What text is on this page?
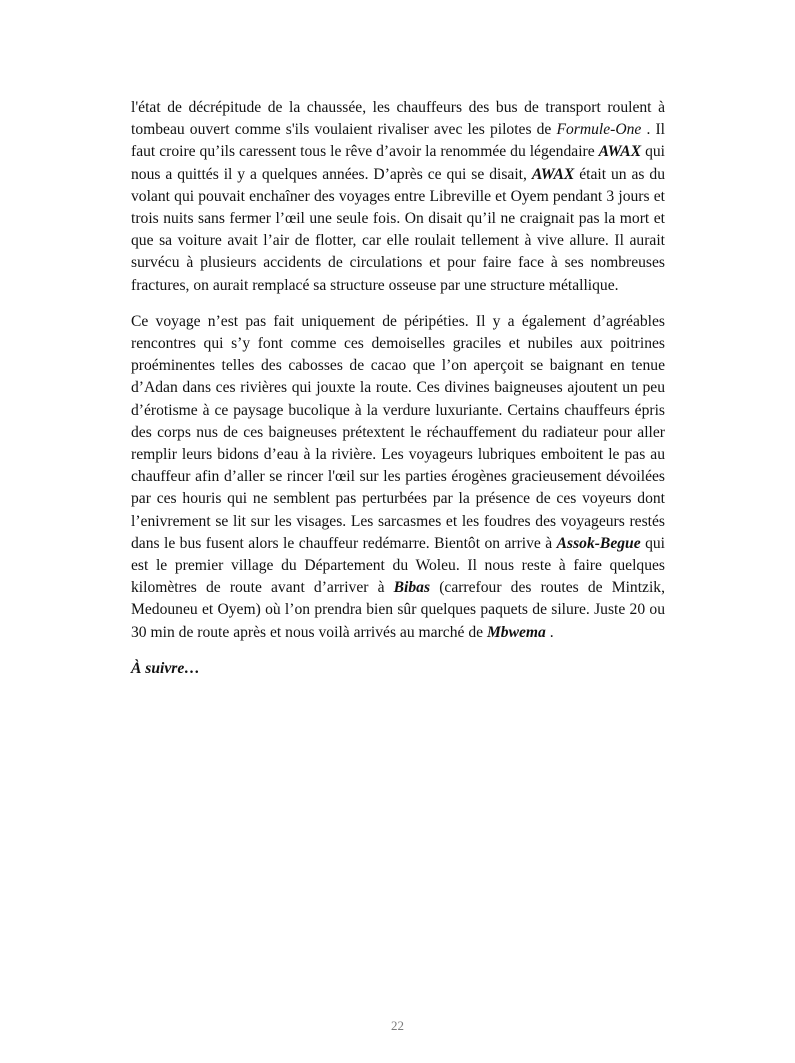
l'état de décrépitude de la chaussée, les chauffeurs des bus de transport roulent à tombeau ouvert comme s'ils voulaient rivaliser avec les pilotes de Formule-One . Il faut croire qu’ils caressent tous le rêve d’avoir la renommée du légendaire AWAX qui nous a quittés il y a quelques années. D’après ce qui se disait, AWAX était un as du volant qui pouvait enchaîner des voyages entre Libreville et Oyem pendant 3 jours et trois nuits sans fermer l’œil une seule fois. On disait qu’il ne craignait pas la mort et que sa voiture avait l’air de flotter, car elle roulait tellement à vive allure. Il aurait survécu à plusieurs accidents de circulations et pour faire face à ses nombreuses fractures, on aurait remplacé sa structure osseuse par une structure métallique.

Ce voyage n’est pas fait uniquement de péripéties. Il y a également d’agréables rencontres qui s’y font comme ces demoiselles graciles et nubiles aux poitrines proéminentes telles des cabosses de cacao que l’on aperçoit se baignant en tenue d’Adan dans ces rivières qui jouxte la route. Ces divines baigneuses ajoutent un peu d’érotisme à ce paysage bucolique à la verdure luxuriante. Certains chauffeurs épris des corps nus de ces baigneuses prétextent le réchauffement du radiateur pour aller remplir leurs bidons d’eau à la rivière. Les voyageurs lubriques emboitent le pas au chauffeur afin d’aller se rincer l'œil sur les parties érogènes gracieusement dévoilées par ces houris qui ne semblent pas perturbées par la présence de ces voyeurs dont l’enivrement se lit sur les visages. Les sarcasmes et les foudres des voyageurs restés dans le bus fusent alors le chauffeur redémarre. Bientôt on arrive à Assok-Begue qui est le premier village du Département du Woleu. Il nous reste à faire quelques kilomètres de route avant d’arriver à Bibas (carrefour des routes de Mintzik, Medouneu et Oyem) où l’on prendra bien sûr quelques paquets de silure. Juste 20 ou 30 min de route après et nous voilà arrivés au marché de Mbwema .

À suivre…

22
